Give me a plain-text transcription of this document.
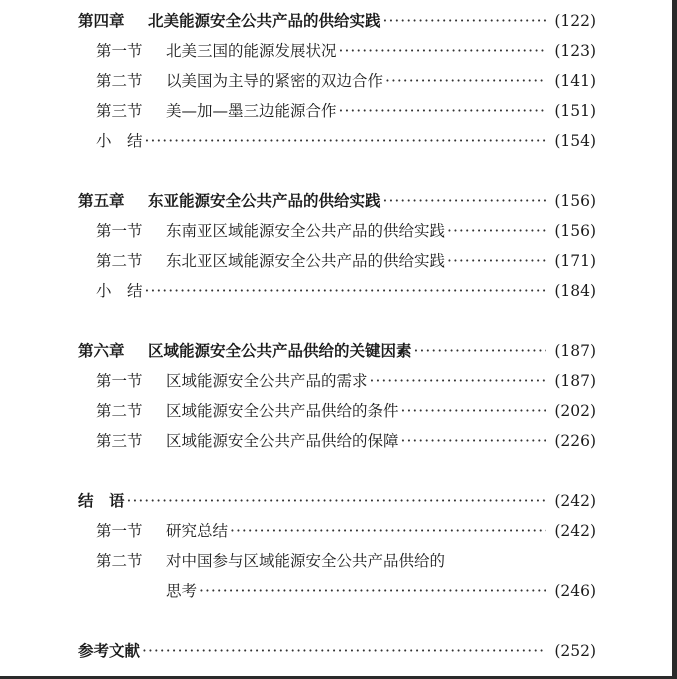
第四章	北美能源安全公共产品的供给实践 ·····	(122)
第一节	北美三国的能源发展状况 ·····	(123)
第二节	以美国为主导的紧密的双边合作 ·····	(141)
第三节	美—加—墨三边能源合作 ·····	(151)
小　结 ·····	(154)
第五章	东亚能源安全公共产品的供给实践 ·····	(156)
第一节	东南亚区域能源安全公共产品的供给实践 ·····	(156)
第二节	东北亚区域能源安全公共产品的供给实践 ·····	(171)
小　结 ·····	(184)
第六章	区域能源安全公共产品供给的关键因素 ·····	(187)
第一节	区域能源安全公共产品的需求 ·····	(187)
第二节	区域能源安全公共产品供给的条件 ·····	(202)
第三节	区域能源安全公共产品供给的保障 ·····	(226)
结　语 ·····	(242)
第一节	研究总结 ·····	(242)
第二节	对中国参与区域能源安全公共产品供给的
思考 ·····	(246)
参考文献 ·····	(252)
